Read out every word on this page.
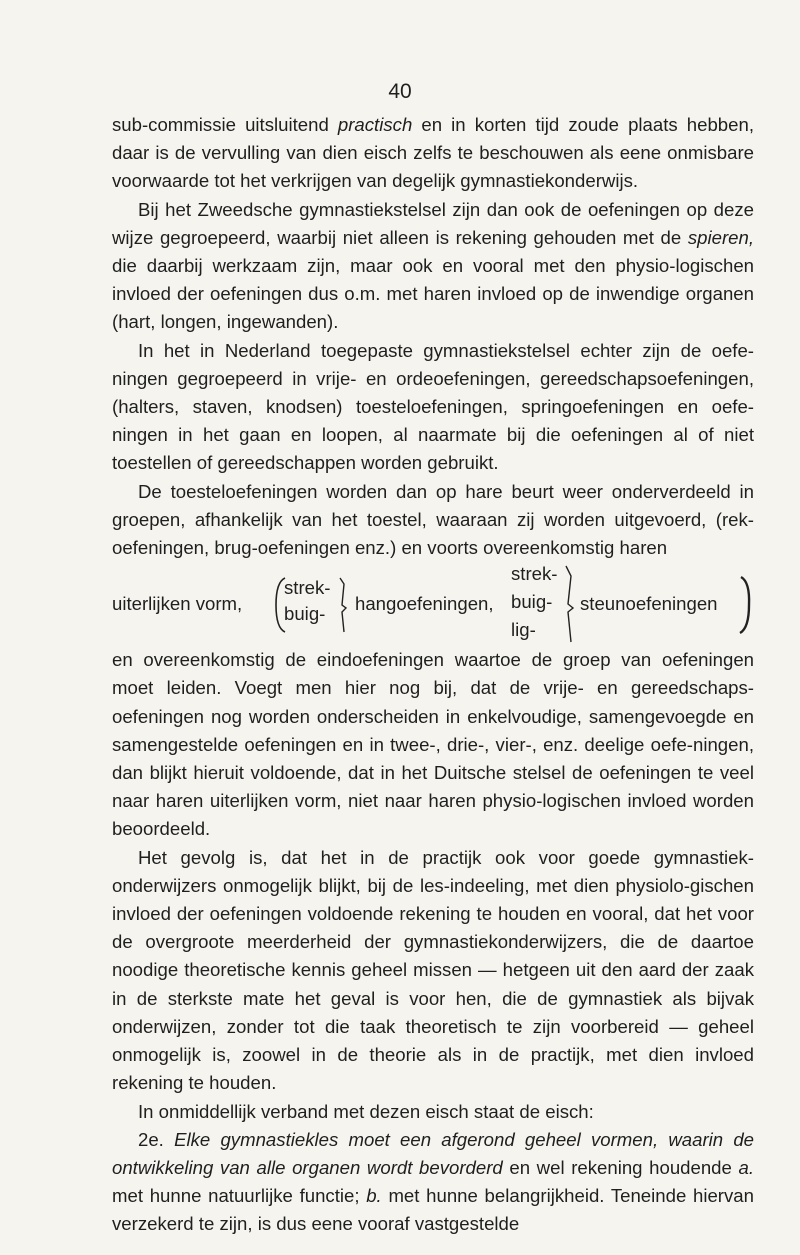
40

sub-commissie uitsluitend practisch en in korten tijd zoude plaats hebben, daar is de vervulling van dien eisch zelfs te beschouwen als eene onmisbare voorwaarde tot het verkrijgen van degelijk gymnastiekonderwijs.

Bij het Zweedsche gymnastiekstelsel zijn dan ook de oefeningen op deze wijze gegroepeerd, waarbij niet alleen is rekening gehouden met de spieren, die daarbij werkzaam zijn, maar ook en vooral met den physio-logischen invloed der oefeningen dus o.m. met haren invloed op de inwendige organen (hart, longen, ingewanden).

In het in Nederland toegepaste gymnastiekstelsel echter zijn de oefe-ningen gegroepeerd in vrije- en ordeoefeningen, gereedschapsoefeningen, (halters, staven, knodsen) toesteloefeningen, springoefeningen en oefe-ningen in het gaan en loopen, al naarmate bij die oefeningen al of niet toestellen of gereedschappen worden gebruikt.

De toesteloefeningen worden dan op hare beurt weer onderverdeeld in groepen, afhankelijk van het toestel, waaraan zij worden uitgevoerd, (rek-oefeningen, brug-oefeningen enz.) en voorts overeenkomstig haren

uiterlijken vorm,
strek-
buig- hangoefeningen,
strek-
buig-
lig-
steunoefeningen

en overeenkomstig de eindoefeningen waartoe de groep van oefeningen moet leiden. Voegt men hier nog bij, dat de vrije- en gereedschaps-oefeningen nog worden onderscheiden in enkelvoudige, samengevoegde en samengestelde oefeningen en in twee-, drie-, vier-, enz. deelige oefe-ningen, dan blijkt hieruit voldoende, dat in het Duitsche stelsel de oefeningen te veel naar haren uiterlijken vorm, niet naar haren physio-logischen invloed worden beoordeeld.

Het gevolg is, dat het in de practijk ook voor goede gymnastiek-onderwijzers onmogelijk blijkt, bij de les-indeeling, met dien physiolo-gischen invloed der oefeningen voldoende rekening te houden en vooral, dat het voor de overgroote meerderheid der gymnastiekonderwijzers, die de daartoe noodige theoretische kennis geheel missen — hetgeen uit den aard der zaak in de sterkste mate het geval is voor hen, die de gymnastiek als bijvak onderwijzen, zonder tot die taak theoretisch te zijn voorbereid — geheel onmogelijk is, zoowel in de theorie als in de practijk, met dien invloed rekening te houden.

In onmiddellijk verband met dezen eisch staat de eisch:

2e. Elke gymnastiekles moet een afgerond geheel vormen, waarin de ontwikkeling van alle organen wordt bevorderd en wel rekening houdende a. met hunne natuurlijke functie; b. met hunne belangrijkheid. Teneinde hiervan verzekerd te zijn, is dus eene vooraf vastgestelde
